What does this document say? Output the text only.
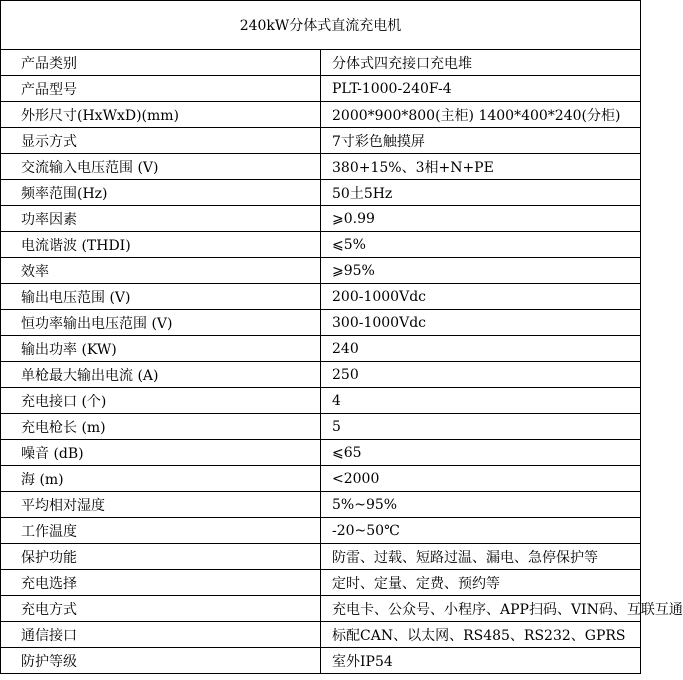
240kW分体式直流充电机	
产品类别	分体式四充接口充电堆
产品型号	PLT-1000-240F-4
外形尺寸(HxWxD)(mm)	2000*900*800(主柜) 1400*400*240(分柜)
显示方式	7寸彩色触摸屏
交流输入电压范围 (V)	380+15%、3相+N+PE
频率范围(Hz)	50土5Hz
功率因素	⩾0.99
电流谐波 (THDI)	⩽5%
效率	⩾95%
输出电压范围 (V)	200-1000Vdc
恒功率输出电压范围 (V)	300-1000Vdc
输出功率 (KW)	240
单枪最大输出电流 (A)	250
充电接口 (个)	4
充电枪长 (m)	5
噪音 (dB)	⩽65
海 (m)	<2000
平均相对湿度	5%~95%
工作温度	-20~50℃
保护功能	防雷、过载、短路过温、漏电、急停保护等
充电选择	定时、定量、定费、预约等
充电方式	充电卡、公众号、小程序、APP扫码、VIN码、互联互通
通信接口	标配CAN、以太网、RS485、RS232、GPRS
防护等级	室外IP54
